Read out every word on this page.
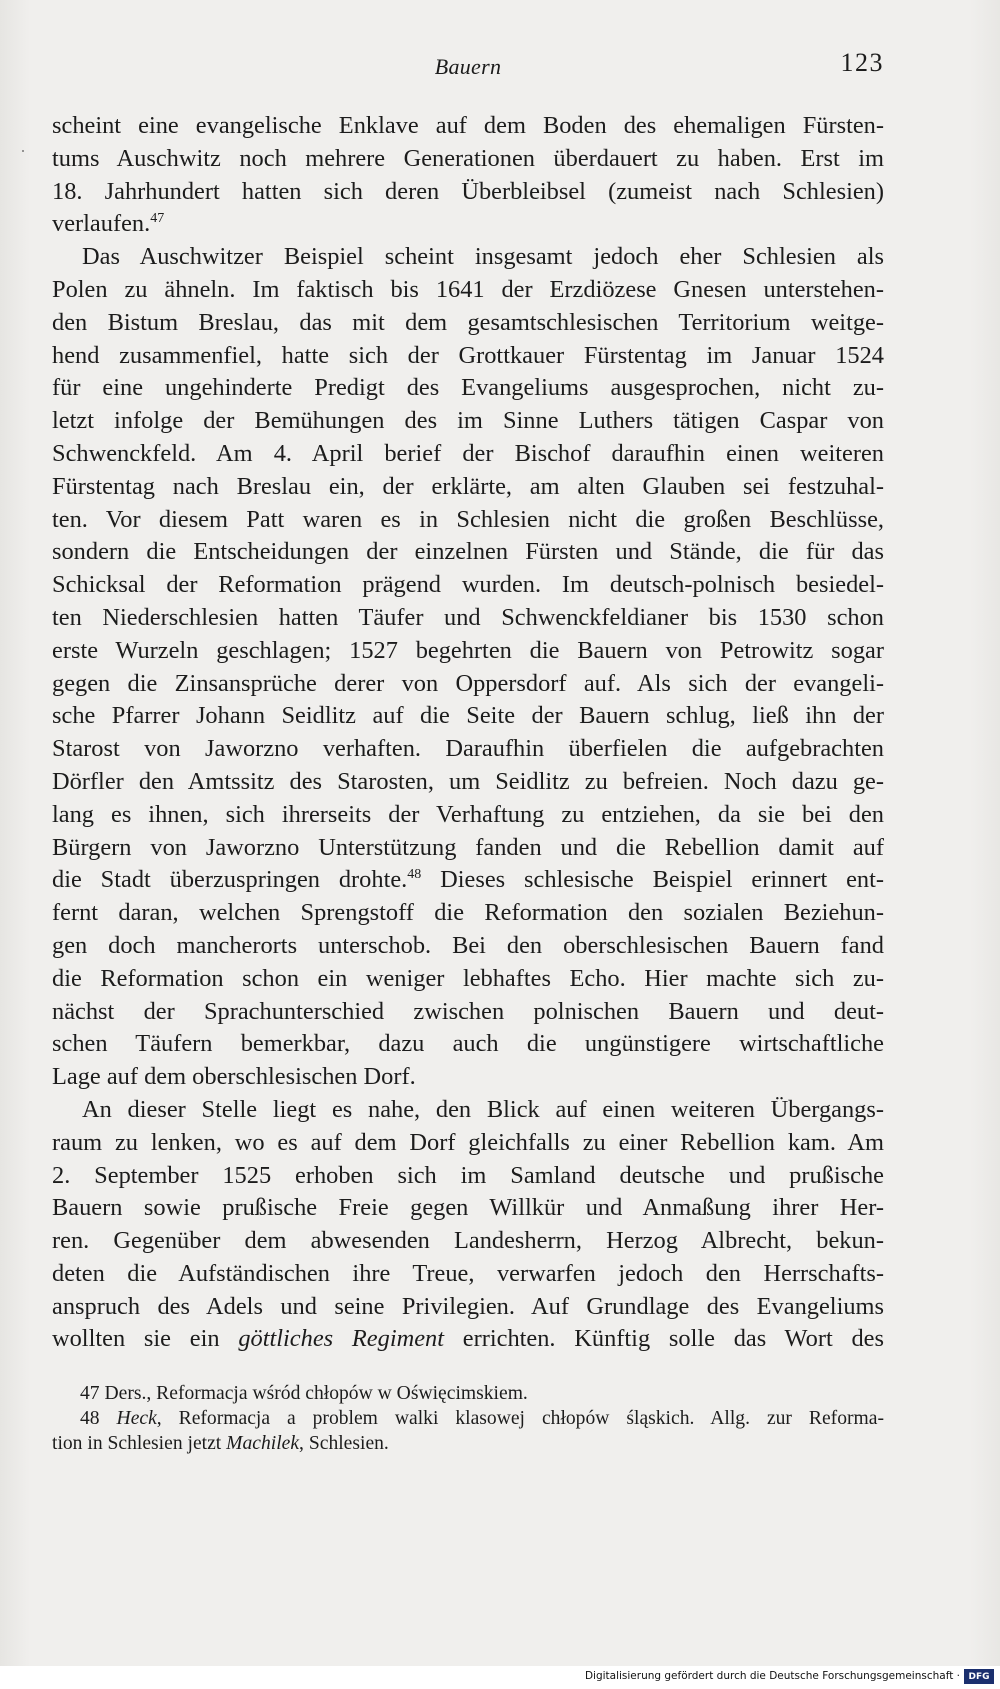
Bauern	123
scheint eine evangelische Enklave auf dem Boden des ehemaligen Fürsten-
tums Auschwitz noch mehrere Generationen überdauert zu haben. Erst im
18. Jahrhundert hatten sich deren Überbleibsel (zumeist nach Schlesien)
verlaufen.$^{47}$
Das Auschwitzer Beispiel scheint insgesamt jedoch eher Schlesien als
Polen zu ähneln. Im faktisch bis 1641 der Erzdiözese Gnesen unterstehen-
den Bistum Breslau, das mit dem gesamtschlesischen Territorium weitge-
hend zusammenfiel, hatte sich der Grottkauer Fürstentag im Januar 1524
für eine ungehinderte Predigt des Evangeliums ausgesprochen, nicht zu-
letzt infolge der Bemühungen des im Sinne Luthers tätigen Caspar von
Schwenckfeld. Am 4. April berief der Bischof daraufhin einen weiteren
Fürstentag nach Breslau ein, der erklärte, am alten Glauben sei festzuhal-
ten. Vor diesem Patt waren es in Schlesien nicht die großen Beschlüsse,
sondern die Entscheidungen der einzelnen Fürsten und Stände, die für das
Schicksal der Reformation prägend wurden. Im deutsch-polnisch besiedel-
ten Niederschlesien hatten Täufer und Schwenckfeldianer bis 1530 schon
erste Wurzeln geschlagen; 1527 begehrten die Bauern von Petrowitz sogar
gegen die Zinsansprüche derer von Oppersdorf auf. Als sich der evangeli-
sche Pfarrer Johann Seidlitz auf die Seite der Bauern schlug, ließ ihn der
Starost von Jaworzno verhaften. Daraufhin überfielen die aufgebrachten
Dörfler den Amtssitz des Starosten, um Seidlitz zu befreien. Noch dazu ge-
lang es ihnen, sich ihrerseits der Verhaftung zu entziehen, da sie bei den
Bürgern von Jaworzno Unterstützung fanden und die Rebellion damit auf
die Stadt überzuspringen drohte.$^{48}$ Dieses schlesische Beispiel erinnert ent-
fernt daran, welchen Sprengstoff die Reformation den sozialen Beziehun-
gen doch mancherorts unterschob. Bei den oberschlesischen Bauern fand
die Reformation schon ein weniger lebhaftes Echo. Hier machte sich zu-
nächst der Sprachunterschied zwischen polnischen Bauern und deut-
schen Täufern bemerkbar, dazu auch die ungünstigere wirtschaftliche
Lage auf dem oberschlesischen Dorf.
An dieser Stelle liegt es nahe, den Blick auf einen weiteren Übergangs-
raum zu lenken, wo es auf dem Dorf gleichfalls zu einer Rebellion kam. Am
2. September 1525 erhoben sich im Samland deutsche und prußische
Bauern sowie prußische Freie gegen Willkür und Anmaßung ihrer Her-
ren. Gegenüber dem abwesenden Landesherrn, Herzog Albrecht, bekun-
deten die Aufständischen ihre Treue, verwarfen jedoch den Herrschafts-
anspruch des Adels und seine Privilegien. Auf Grundlage des Evangeliums
wollten sie ein göttliches Regiment errichten. Künftig solle das Wort des
47 Ders., Reformacja wśród chłopów w Oświęcimskiem.
48 Heck, Reformacja a problem walki klasowej chłopów śląskich. Allg. zur Reforma-
tion in Schlesien jetzt Machilek, Schlesien.
Digitalisierung gefördert durch die Deutsche Forschungsgemeinschaft · DFG
